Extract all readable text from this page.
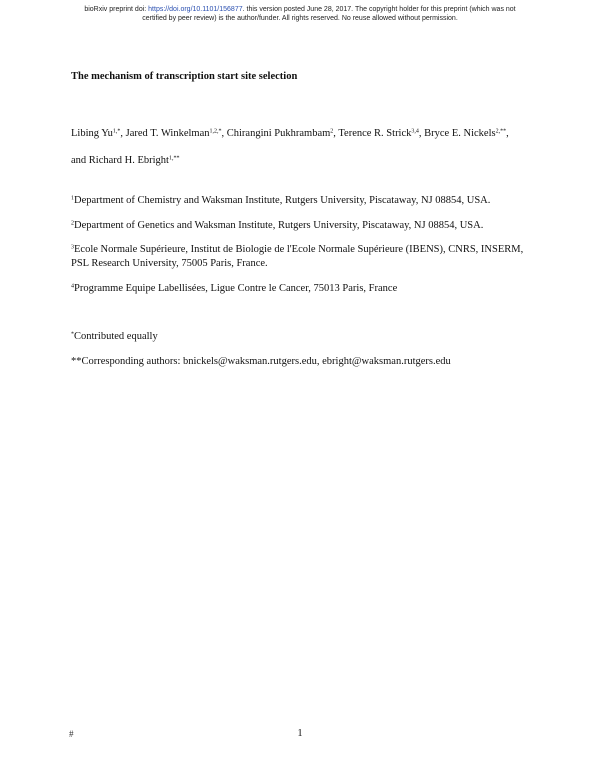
bioRxiv preprint doi: https://doi.org/10.1101/156877. this version posted June 28, 2017. The copyright holder for this preprint (which was not
certified by peer review) is the author/funder. All rights reserved. No reuse allowed without permission.
The mechanism of transcription start site selection
Libing $Yu^{1,*}$, Jared T. Winkelman$^{1,2,*}$, Chirangini Pukhrambam$^2$, Terence R. Strick$^{3,4}$, Bryce E. Nickels$^{2,**}$,
and Richard H. Ebright$^{1,**}$
$^1$Department of Chemistry and Waksman Institute, Rutgers University, Piscataway, NJ 08854, USA.
$^2$Department of Genetics and Waksman Institute, Rutgers University, Piscataway, NJ 08854, USA.
$^3$Ecole Normale Supérieure, Institut de Biologie de l'Ecole Normale Supérieure (IBENS), CNRS, INSERM, PSL Research University, 75005 Paris, France.
$^4$Programme Equipe Labellisées, Ligue Contre le Cancer, 75013 Paris, France
*Contributed equally
**Corresponding authors: bnickels@waksman.rutgers.edu, ebright@waksman.rutgers.edu
#	1
